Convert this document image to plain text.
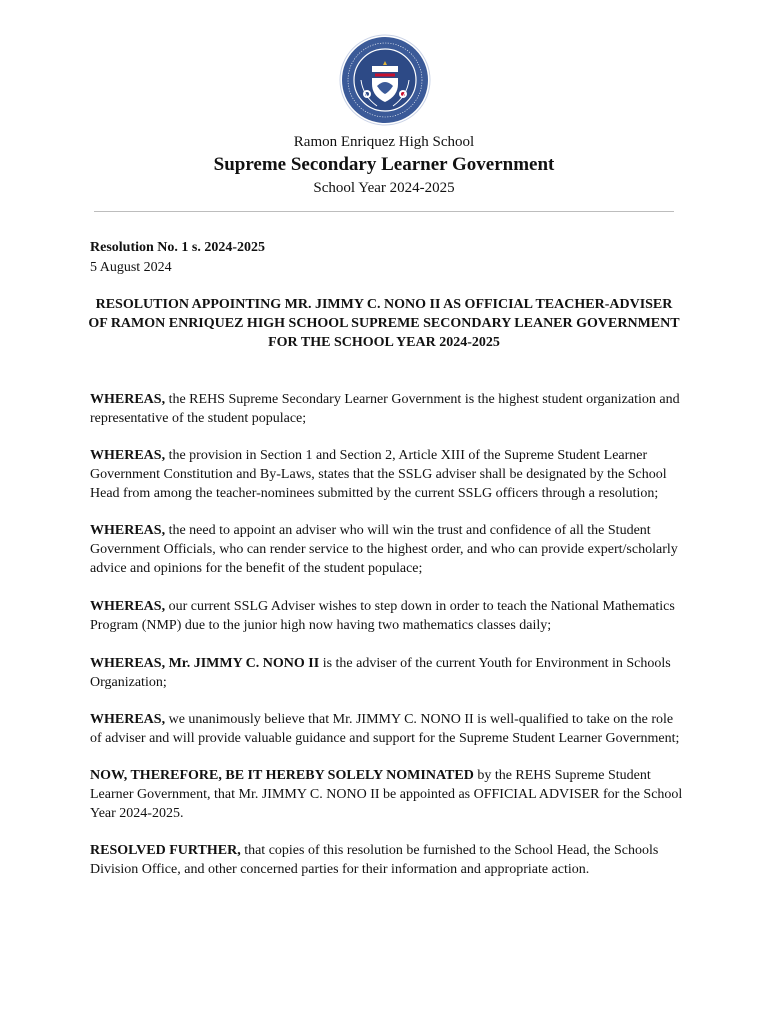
Ramon Enriquez High School
Supreme Secondary Learner Government
School Year 2024-2025
Resolution No. 1 s. 2024-2025
5 August 2024
RESOLUTION APPOINTING MR. JIMMY C. NONO II AS OFFICIAL TEACHER-ADVISER
OF RAMON ENRIQUEZ HIGH SCHOOL SUPREME SECONDARY LEANER GOVERNMENT
FOR THE SCHOOL YEAR 2024-2025
WHEREAS, the REHS Supreme Secondary Learner Government is the highest student organization and
representative of the student populace;
WHEREAS, the provision in Section 1 and Section 2, Article XIII of the Supreme Student Learner
Government Constitution and By-Laws, states that the SSLG adviser shall be designated by the School
Head from among the teacher-nominees submitted by the current SSLG officers through a resolution;
WHEREAS, the need to appoint an adviser who will win the trust and confidence of all the Student
Government Officials, who can render service to the highest order, and who can provide expert/scholarly
advice and opinions for the benefit of the student populace;
WHEREAS, our current SSLG Adviser wishes to step down in order to teach the National Mathematics
Program (NMP) due to the junior high now having two mathematics classes daily;
WHEREAS, Mr. JIMMY C. NONO II is the adviser of the current Youth for Environment in Schools
Organization;
WHEREAS, we unanimously believe that Mr. JIMMY C. NONO II is well-qualified to take on the role
of adviser and will provide valuable guidance and support for the Supreme Student Learner Government;
NOW, THEREFORE, BE IT HEREBY SOLELY NOMINATED by the REHS Supreme Student
Learner Government, that Mr. JIMMY C. NONO II be appointed as OFFICIAL ADVISER for the School
Year 2024-2025.
RESOLVED FURTHER, that copies of this resolution be furnished to the School Head, the Schools
Division Office, and other concerned parties for their information and appropriate action.
